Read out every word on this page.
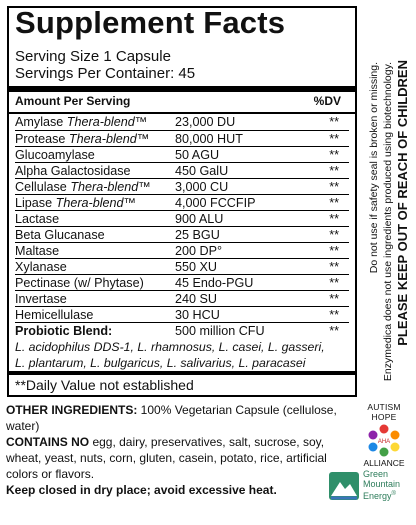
Supplement Facts
Serving Size 1 Capsule
Servings Per Container: 45
Amount Per Serving	%DV
Amylase Thera-blend™ 23,000 DU	**
Protease Thera-blend™ 80,000 HUT	**
Glucoamylase	50 AGU	**
Alpha Galactosidase	450 GalU	**
Cellulase Thera-blend™ 3,000 CU	**
Lipase Thera-blend™	4,000 FCCFIP	**
Lactase	900 ALU	**
Beta Glucanase	25 BGU	**
Maltase	200 DP°	**
Xylanase	550 XU	**
Pectinase (w/ Phytase) 45 Endo-PGU	**
Invertase	240 SU	**
Hemicellulase	30 HCU	**
Probiotic Blend:	500 million CFU	**
L. acidophilus DDS-1, L. rhamnosus, L. casei, L. gasseri,
L. plantarum, L. bulgaricus, L. salivarius, L. paracasei
**Daily Value not established
Do not use if safety seal is broken or missing. Enzymedica does not use ingredients produced using biotechnology. PLEASE KEEP OUT OF REACH OF CHILDREN
OTHER INGREDIENTS: 100% Vegetarian Capsule (cellulose, water)
CONTAINS NO egg, dairy, preservatives, salt, sucrose, soy, wheat, yeast, nuts, corn, gluten, casein, potato, rice, artificial colors or flavors.
Keep closed in dry place; avoid excessive heat.
AUTISM HOPE
AHA
ALLIANCE
Green
Mountain
Energy®
